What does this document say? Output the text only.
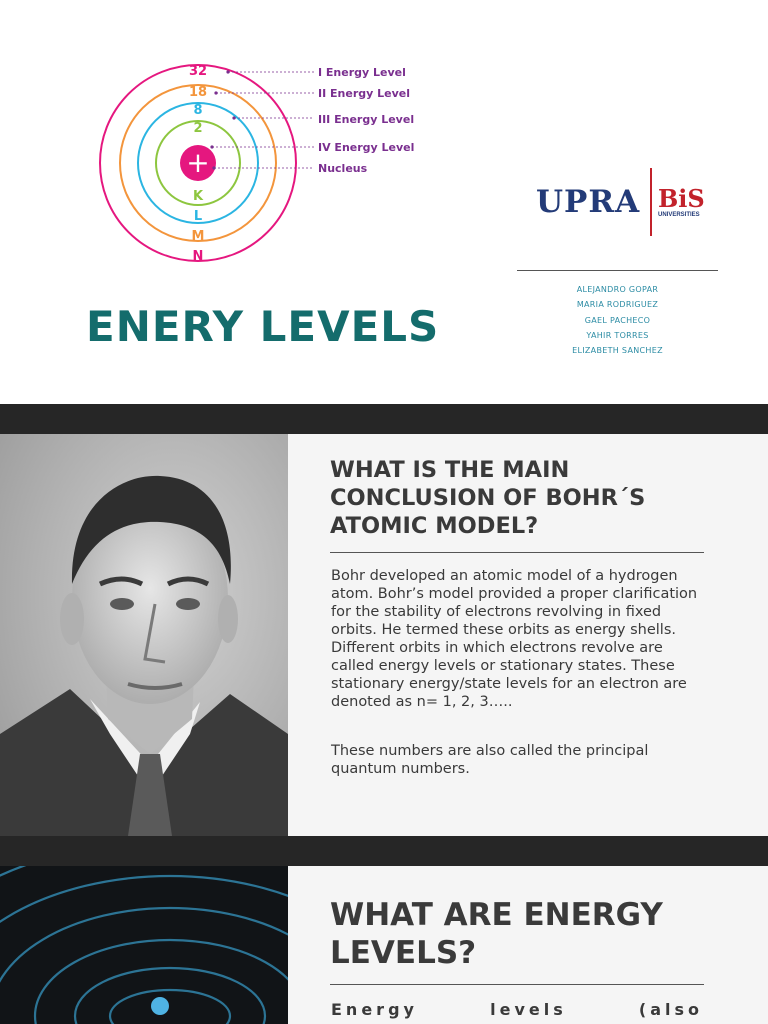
+
32
18
8
2
K
L
M
N
I Energy Level
II Energy Level
III Energy Level
IV Energy Level
Nucleus
ENERY LEVELS
UPRA BiS
UNIVERSITIES
ALEJANDRO GOPAR
MARIA RODRIGUEZ
GAEL PACHECO
YAHIR TORRES
ELIZABETH SANCHEZ
WHAT IS THE MAIN CONCLUSION OF BOHR´S ATOMIC MODEL?

Bohr developed an atomic model of a hydrogen atom. Bohr’s model provided a proper clarification for the stability of electrons revolving in fixed orbits. He termed these orbits as energy shells. Different orbits in which electrons revolve are called energy levels or stationary states. These stationary energy/state levels for an electron are denoted as n= 1, 2, 3…..

These numbers are also called the principal quantum numbers.

WHAT ARE ENERGY LEVELS?

Energy levels (also
